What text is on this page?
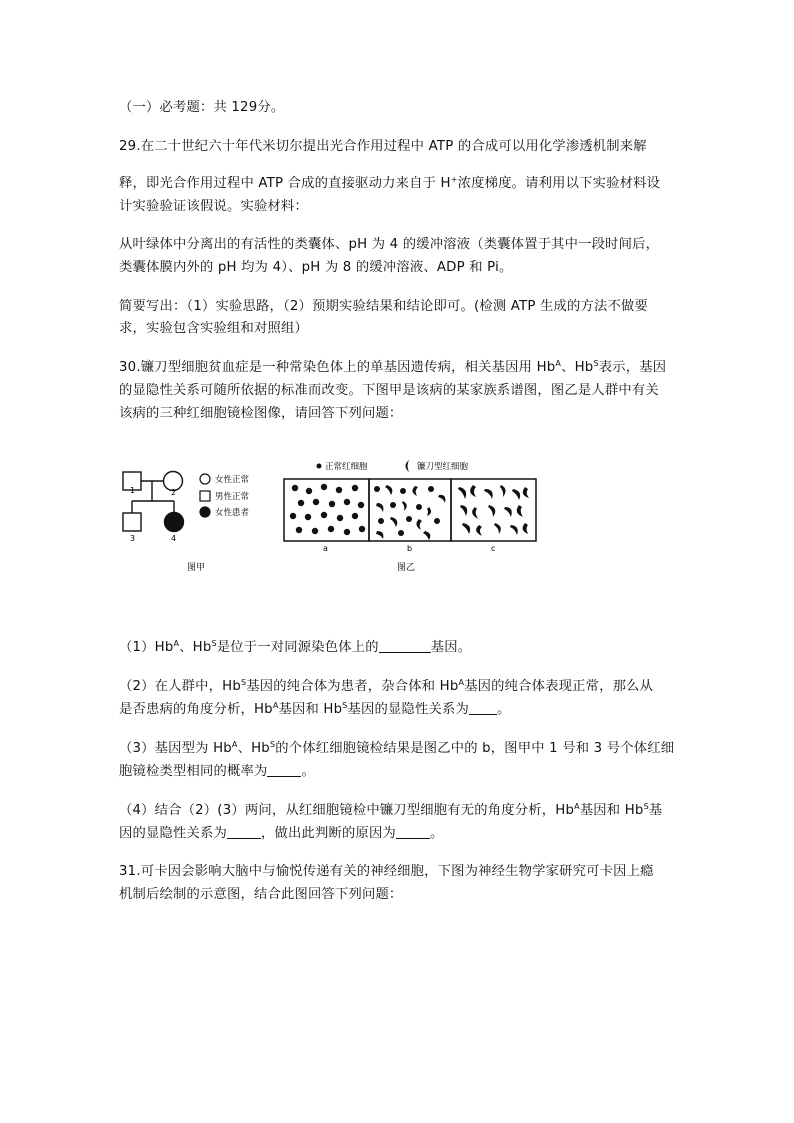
（一）必考题：共 129分。

29.在二十世纪六十年代米切尔提出光合作用过程中 ATP 的合成可以用化学渗透机制来解

释，即光合作用过程中 ATP 合成的直接驱动力来自于 H+浓度梯度。请利用以下实验材料设

计实验验证该假说。实验材料：

从叶绿体中分离出的有活性的类囊体、pH 为 4 的缓冲溶液（类囊体置于其中一段时间后，

类囊体膜内外的 pH 均为 4）、pH 为 8 的缓冲溶液、ADP 和 Pi。

简要写出：（1）实验思路，（2）预期实验结果和结论即可。(检测 ATP 生成的方法不做要

求，实验包含实验组和对照组）

30.镰刀型细胞贫血症是一种常染色体上的单基因遗传病，相关基因用 $Hb^A$、$Hb^S$表示，基因

的显隐性关系可随所依据的标准而改变。下图甲是该病的某家族系谱图，图乙是人群中有关

该病的三种红细胞镜检图像，请回答下列问题：

1	2
3	4
女性正常
男性正常
女性患者
正常红细胞	镰刀型红细胞
a	b	c
图甲	图乙

$(1)Hb^A$、$Hb^S$是位于一对同源染色体上的	基因。

（2）在人群中，$Hb^S$基因的纯合体为患者，杂合体和 $Hb^A$基因的纯合体表现正常，那么从

是否患病的角度分析，$Hb^A$基因和 $Hb^S$基因的显隐性关系为 。

（3）基因型为 $Hb^A$、$Hb^S$的个体红细胞镜检结果是图乙中的 b，图甲中 1 号和 3 号个体红细

胞镜检类型相同的概率为	。

（4）结合（2）(3）两问，从红细胞镜检中镰刀型细胞有无的角度分析，$Hb^A$基因和 $Hb^S$基

因的显隐性关系为	，做出此判断的原因为	。

31.可卡因会影响大脑中与愉悦传递有关的神经细胞，下图为神经生物学家研究可卡因上瘾

机制后绘制的示意图，结合此图回答下列问题：
